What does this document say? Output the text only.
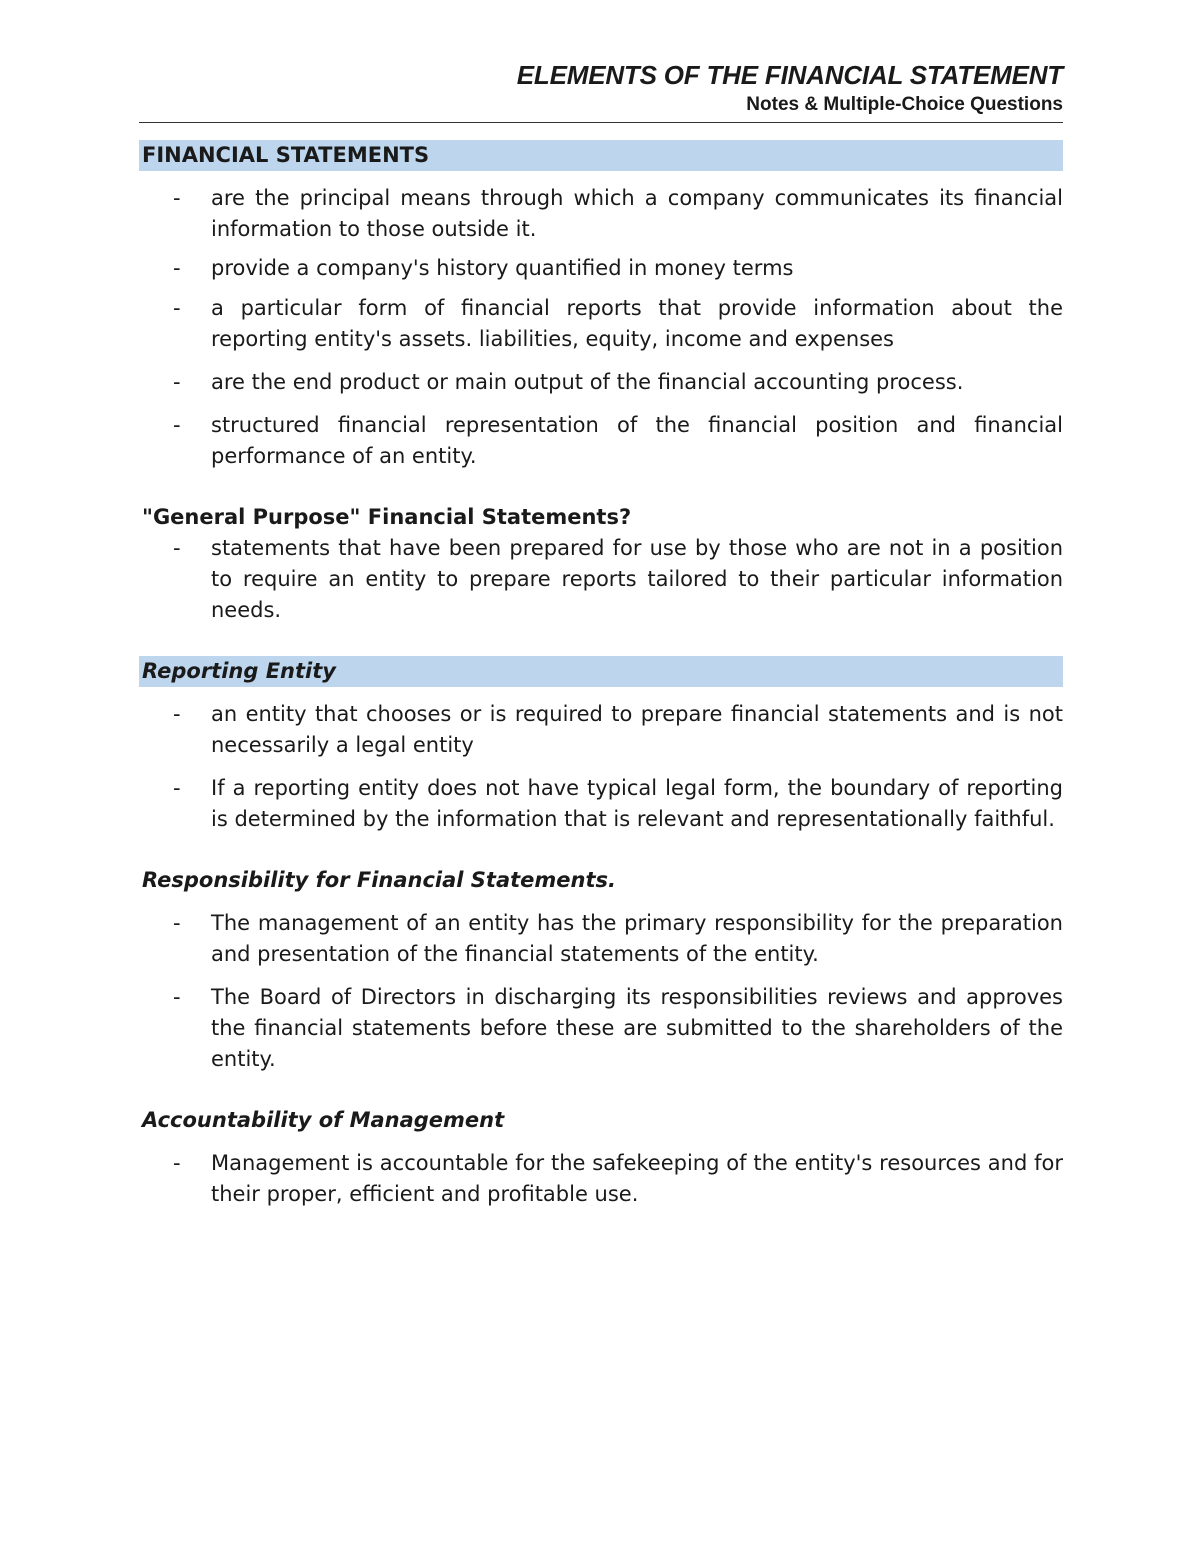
ELEMENTS OF THE FINANCIAL STATEMENT
Notes & Multiple-Choice Questions
FINANCIAL STATEMENTS
- are the principal means through which a company communicates its financial information to those outside it.
- provide a company's history quantified in money terms
- a particular form of financial reports that provide information about the reporting entity's assets. liabilities, equity, income and expenses
- are the end product or main output of the financial accounting process.
- structured financial representation of the financial position and financial performance of an entity.
"General Purpose" Financial Statements?
- statements that have been prepared for use by those who are not in a position to require an entity to prepare reports tailored to their particular information needs.
Reporting Entity
- an entity that chooses or is required to prepare financial statements and is not necessarily a legal entity
- If a reporting entity does not have typical legal form, the boundary of reporting is determined by the information that is relevant and representationally faithful.
Responsibility for Financial Statements.
- The management of an entity has the primary responsibility for the preparation and presentation of the financial statements of the entity.
- The Board of Directors in discharging its responsibilities reviews and approves the financial statements before these are submitted to the shareholders of the entity.
Accountability of Management
- Management is accountable for the safekeeping of the entity's resources and for their proper, efficient and profitable use.
